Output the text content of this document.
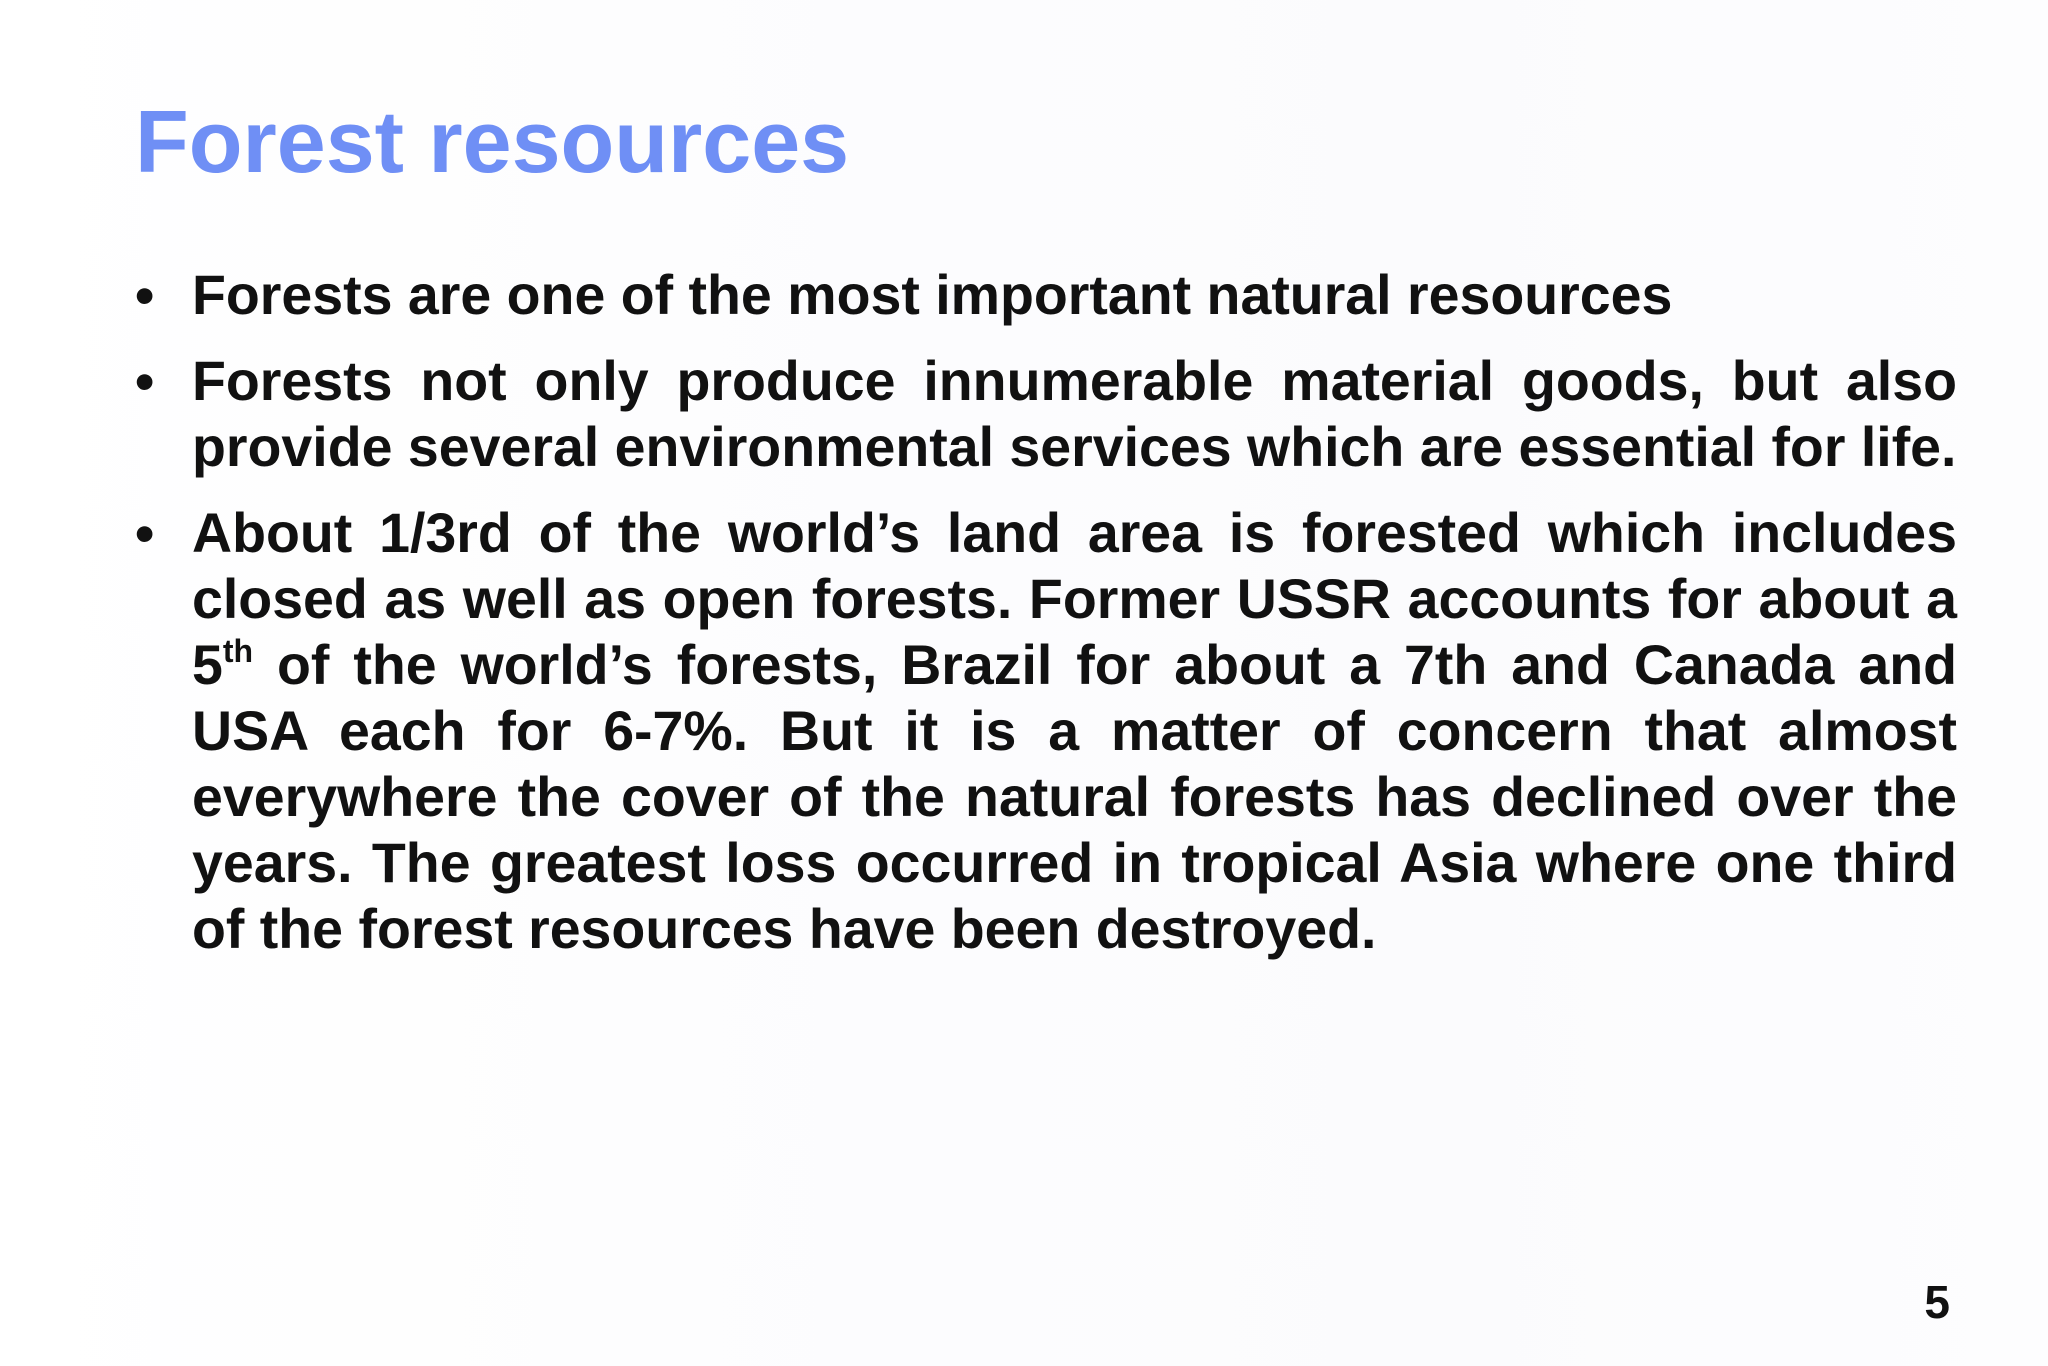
Forest resources
• Forests are one of the most important natural resources
• Forests not only produce innumerable material goods, but also provide several environmental services which are essential for life.
• About 1/3rd of the world’s land area is forested which includes closed as well as open forests. Former USSR accounts for about a 5th of the world’s forests, Brazil for about a 7th and Canada and USA each for 6-7%. But it is a matter of concern that almost everywhere the cover of the natural forests has declined over the years. The greatest loss occurred in tropical Asia where one third of the forest resources have been destroyed.
5
